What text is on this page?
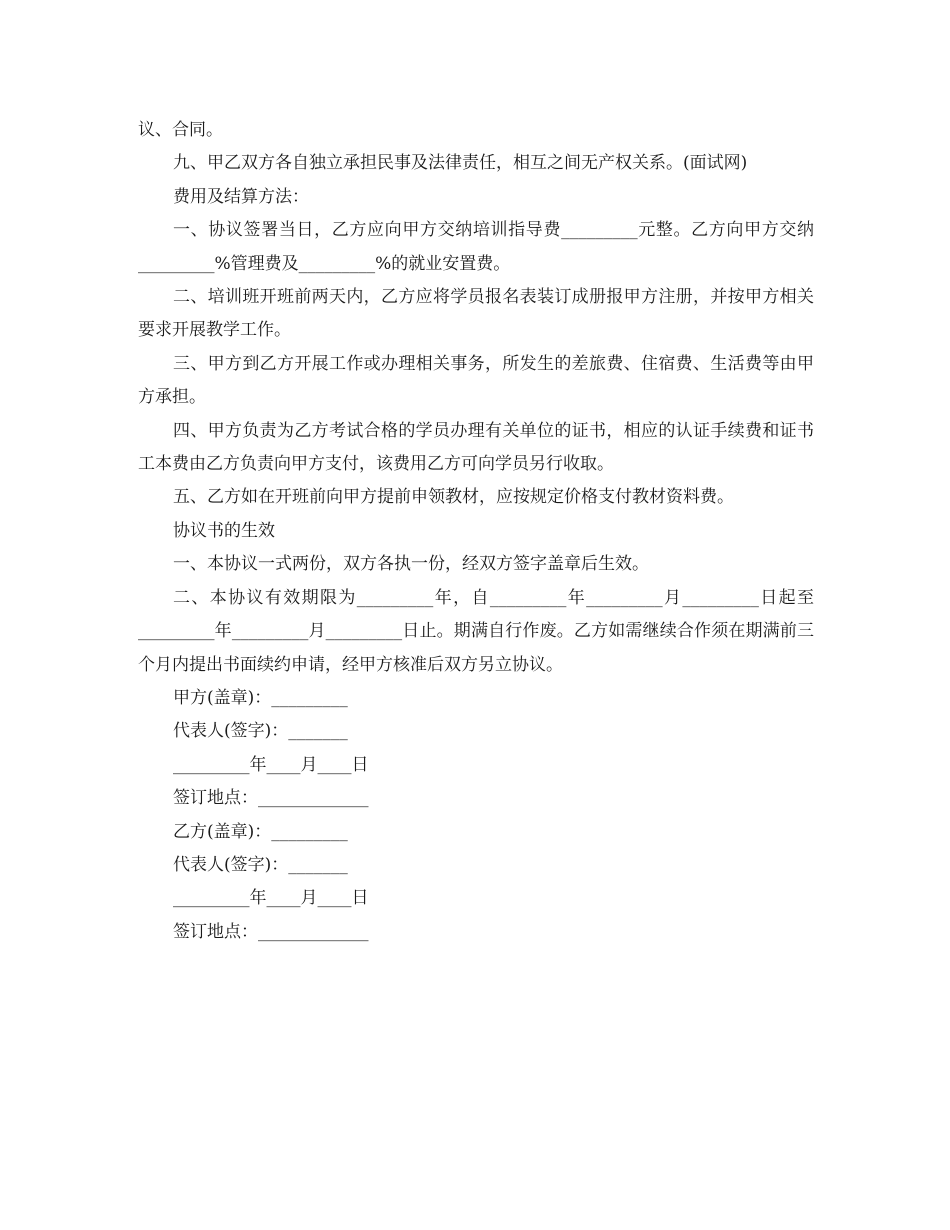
议、合同。

九、甲乙双方各自独立承担民事及法律责任，相互之间无产权关系。(面试网)

费用及结算方法：

一、协议签署当日，乙方应向甲方交纳培训指导费_________元整。乙方向甲方交纳_________%管理费及_________%的就业安置费。

二、培训班开班前两天内，乙方应将学员报名表装订成册报甲方注册，并按甲方相关要求开展教学工作。

三、甲方到乙方开展工作或办理相关事务，所发生的差旅费、住宿费、生活费等由甲方承担。

四、甲方负责为乙方考试合格的学员办理有关单位的证书，相应的认证手续费和证书工本费由乙方负责向甲方支付，该费用乙方可向学员另行收取。

五、乙方如在开班前向甲方提前申领教材，应按规定价格支付教材资料费。

协议书的生效

一、本协议一式两份，双方各执一份，经双方签字盖章后生效。

二、本协议有效期限为_________年，自_________年_________月_________日起至_________年_________月_________日止。期满自行作废。乙方如需继续合作须在期满前三个月内提出书面续约申请，经甲方核准后双方另立协议。

甲方(盖章)：_________

代表人(签字)：_______

_________年____月____日

签订地点：_____________

乙方(盖章)：_________

代表人(签字)：_______

_________年____月____日

签订地点：_____________
